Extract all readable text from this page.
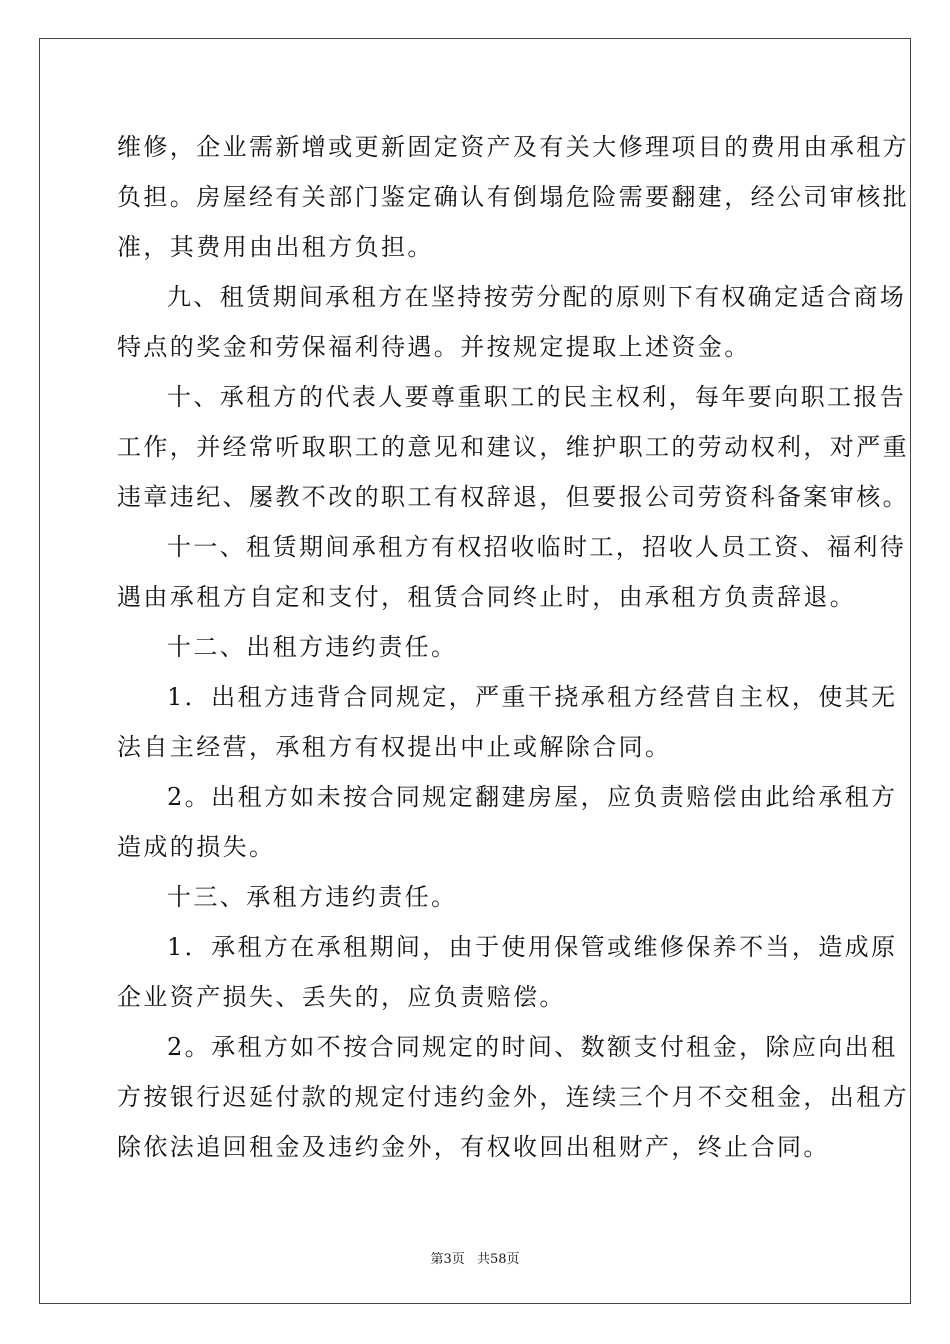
维修，企业需新增或更新固定资产及有关大修理项目的费用由承租方
负担。房屋经有关部门鉴定确认有倒塌危险需要翻建，经公司审核批
准，其费用由出租方负担。
九、租赁期间承租方在坚持按劳分配的原则下有权确定适合商场
特点的奖金和劳保福利待遇。并按规定提取上述资金。
十、承租方的代表人要尊重职工的民主权利，每年要向职工报告
工作，并经常听取职工的意见和建议，维护职工的劳动权利，对严重
违章违纪、屡教不改的职工有权辞退，但要报公司劳资科备案审核。
十一、租赁期间承租方有权招收临时工，招收人员工资、福利待
遇由承租方自定和支付，租赁合同终止时，由承租方负责辞退。
十二、出租方违约责任。
1．出租方违背合同规定，严重干挠承租方经营自主权，使其无
法自主经营，承租方有权提出中止或解除合同。
2。出租方如未按合同规定翻建房屋，应负责赔偿由此给承租方
造成的损失。
十三、承租方违约责任。
1．承租方在承租期间，由于使用保管或维修保养不当，造成原
企业资产损失、丢失的，应负责赔偿。
2。承租方如不按合同规定的时间、数额支付租金，除应向出租
方按银行迟延付款的规定付违约金外，连续三个月不交租金，出租方
除依法追回租金及违约金外，有权收回出租财产，终止合同。
第3页 共58页
